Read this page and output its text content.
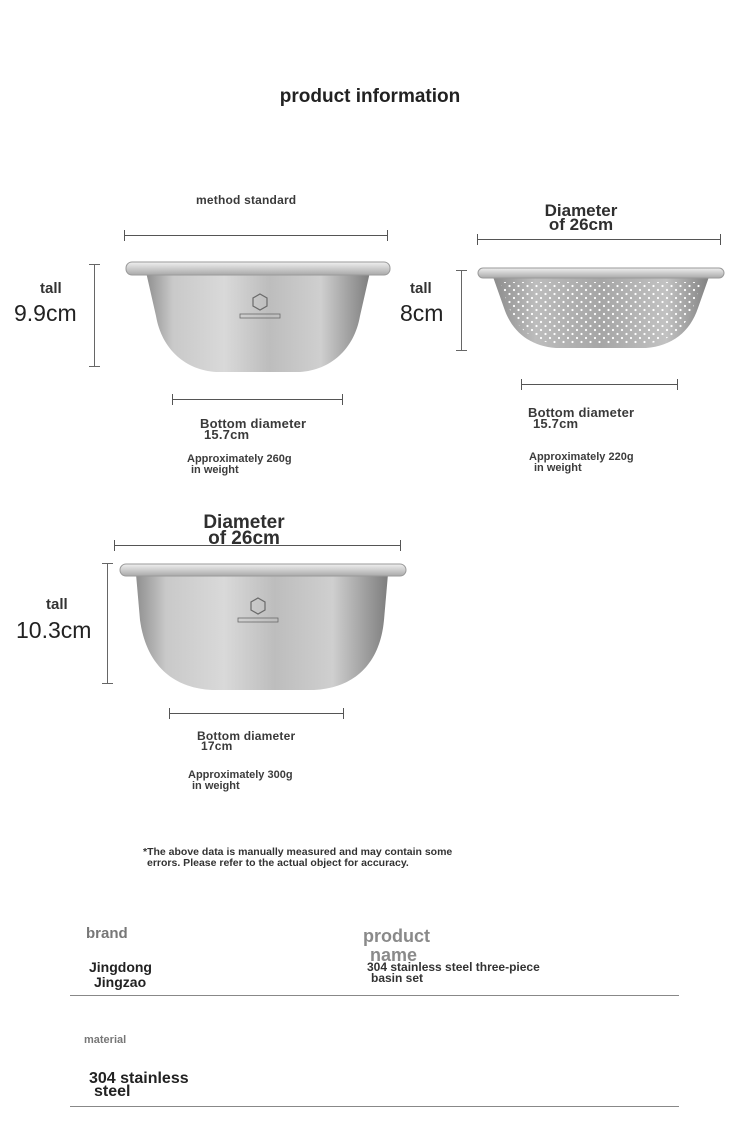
product information
method standard
tall
9.9cm
Bottom diameter
15.7cm
Approximately 260g
in weight
Diameter
of 26cm
tall
8cm
Bottom diameter
15.7cm
Approximately 220g
in weight
Diameter
of 26cm
tall
10.3cm
Bottom diameter
17cm
Approximately 300g
in weight
*The above data is manually measured and may contain some
errors. Please refer to the actual object for accuracy.
brand
Jingdong
Jingzao
product
name
304 stainless steel three-piece
basin set
material
304 stainless
steel
